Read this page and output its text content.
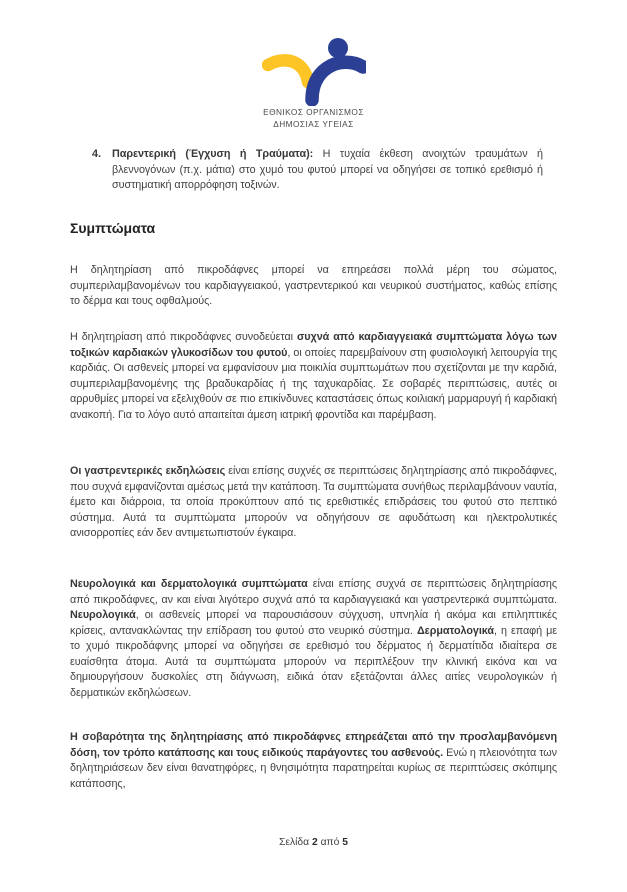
ΕΘΝΙΚΟΣ ΟΡΓΑΝΙΣΜΟΣ
ΔΗΜΟΣΙΑΣ ΥΓΕΙΑΣ
4.	Παρεντερική (Έγχυση ή Τραύματα): Η τυχαία έκθεση ανοιχτών τραυμάτων ή βλεννογόνων (π.χ. μάτια) στο χυμό του φυτού μπορεί να οδηγήσει σε τοπικό ερεθισμό ή συστηματική απορρόφηση τοξινών.
Συμπτώματα

Η δηλητηρίαση από πικροδάφνες μπορεί να επηρεάσει πολλά μέρη του σώματος, συμπεριλαμβανομένων του καρδιαγγειακού, γαστρεντερικού και νευρικού συστήματος, καθώς επίσης το δέρμα και τους οφθαλμούς.

Η δηλητηρίαση από πικροδάφνες συνοδεύεται συχνά από καρδιαγγειακά συμπτώματα λόγω των τοξικών καρδιακών γλυκοσίδων του φυτού, οι οποίες παρεμβαίνουν στη φυσιολογική λειτουργία της καρδιάς. Οι ασθενείς μπορεί να εμφανίσουν μια ποικιλία συμπτωμάτων που σχετίζονται με την καρδιά, συμπεριλαμβανομένης της βραδυκαρδίας ή της ταχυκαρδίας. Σε σοβαρές περιπτώσεις, αυτές οι αρρυθμίες μπορεί να εξελιχθούν σε πιο επικίνδυνες καταστάσεις όπως κοιλιακή μαρμαρυγή ή καρδιακή ανακοπή. Για το λόγο αυτό απαιτείται άμεση ιατρική φροντίδα και παρέμβαση.

Οι γαστρεντερικές εκδηλώσεις είναι επίσης συχνές σε περιπτώσεις δηλητηρίασης από πικροδάφνες, που συχνά εμφανίζονται αμέσως μετά την κατάποση. Τα συμπτώματα συνήθως περιλαμβάνουν ναυτία, έμετο και διάρροια, τα οποία προκύπτουν από τις ερεθιστικές επιδράσεις του φυτού στο πεπτικό σύστημα. Αυτά τα συμπτώματα μπορούν να οδηγήσουν σε αφυδάτωση και ηλεκτρολυτικές ανισορροπίες εάν δεν αντιμετωπιστούν έγκαιρα.

Νευρολογικά και δερματολογικά συμπτώματα είναι επίσης συχνά σε περιπτώσεις δηλητηρίασης από πικροδάφνες, αν και είναι λιγότερο συχνά από τα καρδιαγγειακά και γαστρεντερικά συμπτώματα. Νευρολογικά, οι ασθενείς μπορεί να παρουσιάσουν σύγχυση, υπνηλία ή ακόμα και επιληπτικές κρίσεις, αντανακλώντας την επίδραση του φυτού στο νευρικό σύστημα. Δερματολογικά, η επαφή με το χυμό πικροδάφνης μπορεί να οδηγήσει σε ερεθισμό του δέρματος ή δερματίτιδα ιδιαίτερα σε ευαίσθητα άτομα. Αυτά τα συμπτώματα μπορούν να περιπλέξουν την κλινική εικόνα και να δημιουργήσουν δυσκολίες στη διάγνωση, ειδικά όταν εξετάζονται άλλες αιτίες νευρολογικών ή δερματικών εκδηλώσεων.

Η σοβαρότητα της δηλητηρίασης από πικροδάφνες επηρεάζεται από την προσλαμβανόμενη δόση, τον τρόπο κατάποσης και τους ειδικούς παράγοντες του ασθενούς. Ενώ η πλειονότητα των δηλητηριάσεων δεν είναι θανατηφόρες, η θνησιμότητα παρατηρείται κυρίως σε περιπτώσεις σκόπιμης κατάποσης,

Σελίδα 2 από 5
